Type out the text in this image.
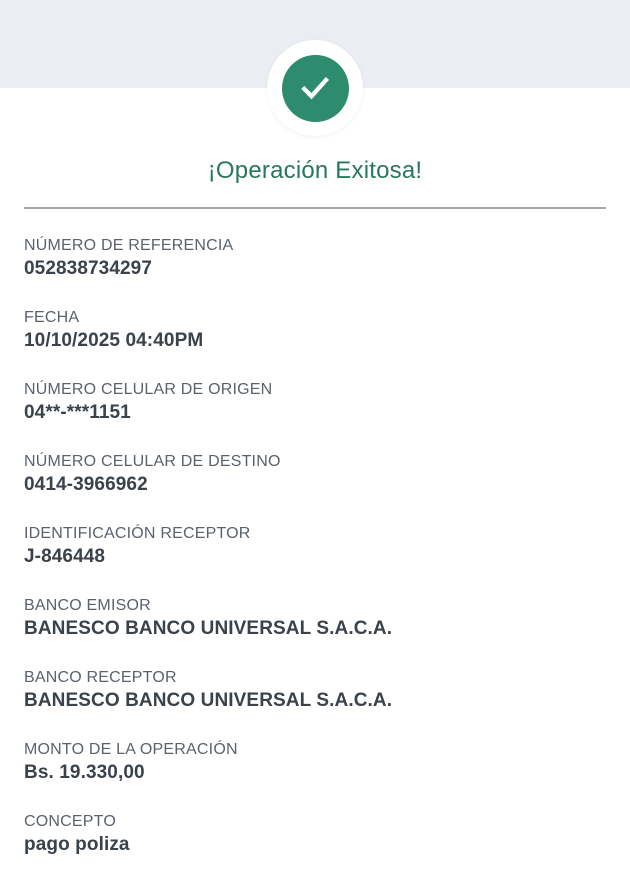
¡Operación Exitosa!
NÚMERO DE REFERENCIA
052838734297
FECHA
10/10/2025 04:40PM
NÚMERO CELULAR DE ORIGEN
04**-***1151
NÚMERO CELULAR DE DESTINO
0414-3966962
IDENTIFICACIÓN RECEPTOR
J-846448
BANCO EMISOR
BANESCO BANCO UNIVERSAL S.A.C.A.
BANCO RECEPTOR
BANESCO BANCO UNIVERSAL S.A.C.A.
MONTO DE LA OPERACIÓN
Bs. 19.330,00
CONCEPTO
pago poliza
